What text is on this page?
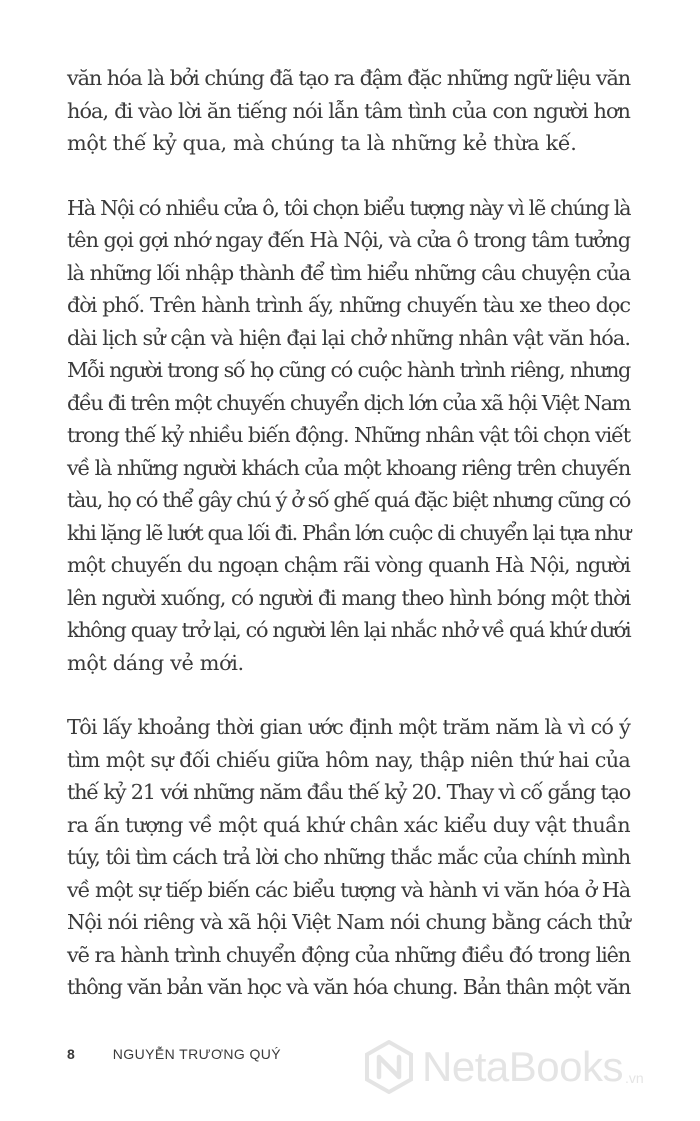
văn hóa là bởi chúng đã tạo ra đậm đặc những ngữ liệu văn
hóa, đi vào lời ăn tiếng nói lẫn tâm tình của con người hơn
một thế kỷ qua, mà chúng ta là những kẻ thừa kế.
Hà Nội có nhiều cửa ô, tôi chọn biểu tượng này vì lẽ chúng là
tên gọi gợi nhớ ngay đến Hà Nội, và cửa ô trong tâm tưởng
là những lối nhập thành để tìm hiểu những câu chuyện của
đời phố. Trên hành trình ấy, những chuyến tàu xe theo dọc
dài lịch sử cận và hiện đại lại chở những nhân vật văn hóa.
Mỗi người trong số họ cũng có cuộc hành trình riêng, nhưng
đều đi trên một chuyến chuyển dịch lớn của xã hội Việt Nam
trong thế kỷ nhiều biến động. Những nhân vật tôi chọn viết
về là những người khách của một khoang riêng trên chuyến
tàu, họ có thể gây chú ý ở số ghế quá đặc biệt nhưng cũng có
khi lặng lẽ lướt qua lối đi. Phần lớn cuộc di chuyển lại tựa như
một chuyến du ngoạn chậm rãi vòng quanh Hà Nội, người
lên người xuống, có người đi mang theo hình bóng một thời
không quay trở lại, có người lên lại nhắc nhở về quá khứ dưới
một dáng vẻ mới.
Tôi lấy khoảng thời gian ước định một trăm năm là vì có ý
tìm một sự đối chiếu giữa hôm nay, thập niên thứ hai của
thế kỷ 21 với những năm đầu thế kỷ 20. Thay vì cố gắng tạo
ra ấn tượng về một quá khứ chân xác kiểu duy vật thuần
túy, tôi tìm cách trả lời cho những thắc mắc của chính mình
về một sự tiếp biến các biểu tượng và hành vi văn hóa ở Hà
Nội nói riêng và xã hội Việt Nam nói chung bằng cách thử
vẽ ra hành trình chuyển động của những điều đó trong liên
thông văn bản văn học và văn hóa chung. Bản thân một văn
8	NGUYỄN TRƯƠNG QUÝ	NetaBooks .vn
